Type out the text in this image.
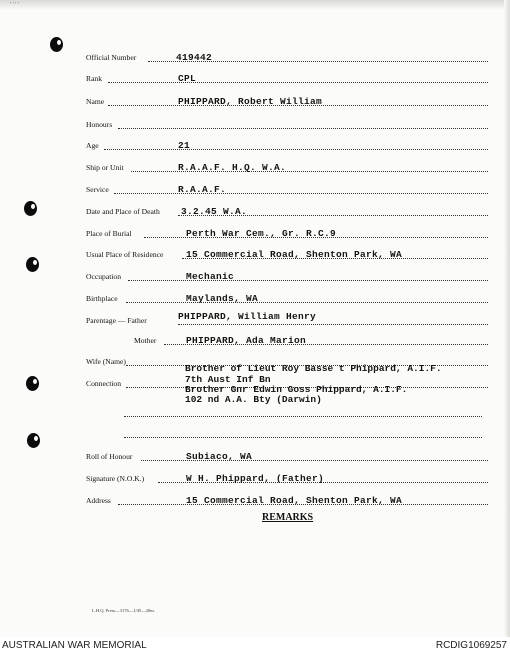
' ' ' '
Official Number	419442
Rank	CPL
Name	PHIPPARD, Robert William
Honours
Age	21
Ship or Unit	R.A.A.F. H.Q. W.A.
Service	R.A.A.F.
Date and Place of Death 3.2.45 W.A.
Place of Burial	Perth War Cem., Gr. R.C.9
Usual Place of Residence 15 Commercial Road, Shenton Park, WA
Occupation	Mechanic
Birthplace	Maylands, WA
Parentage — Father	PHIPPARD, William Henry
Mother	PHIPPARD, Ada Marion
Wife (Name)
Connection
Brother of Lieut Roy Basse t Phippard, A.I.F.
7th Aust Inf Bn
Brother Gnr Edwin Goss Phippard, A.I.F.
102 nd A.A. Bty (Darwin)
Roll of Honour	Subiaco, WA
Signature (N.O.K.)	W H. Phippard, (Father)
Address	15 Commercial Road, Shenton Park, WA
REMARKS
L.H.Q. Press—3176—1/45—20m.
AUSTRALIAN WAR MEMORIAL	RCDIG1069257
